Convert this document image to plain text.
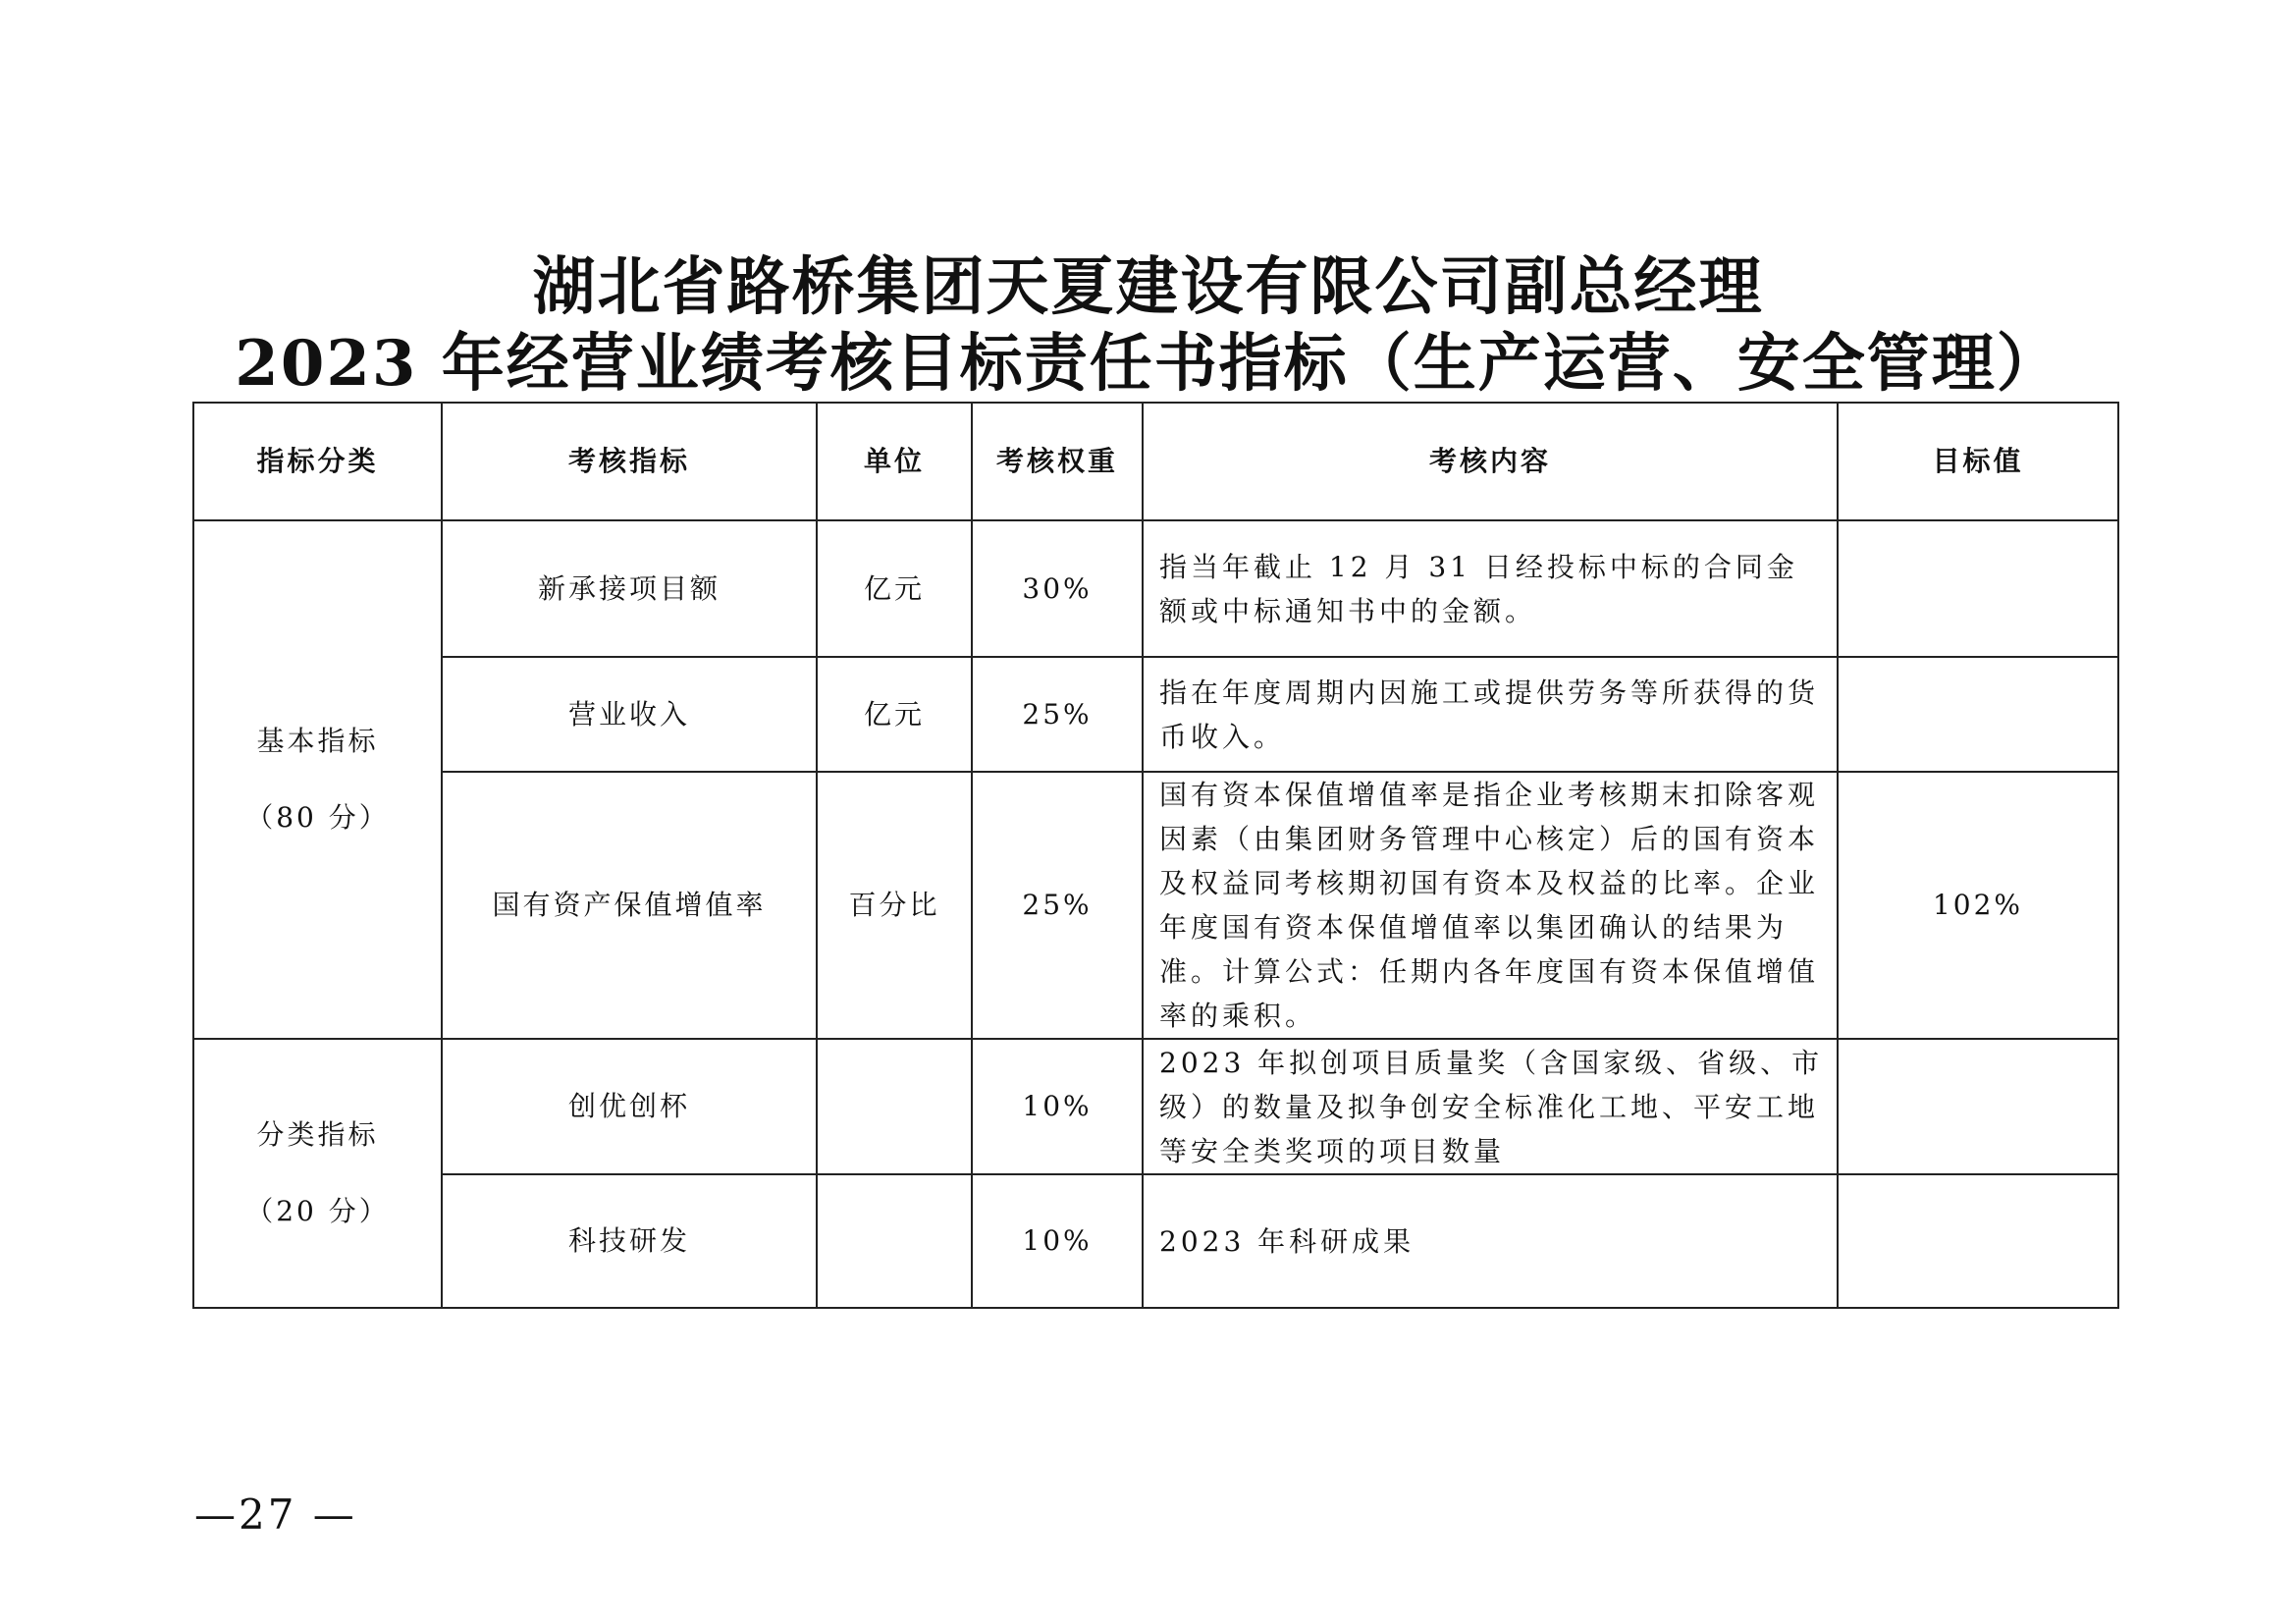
湖北省路桥集团天夏建设有限公司副总经理
2023 年经营业绩考核目标责任书指标（生产运营、安全管理）
指标分类	考核指标	单位	考核权重	考核内容	目标值

基本指标
（80 分）	新承接项目额	亿元	30%	指当年截止 12 月 31 日经投标中标的合同金额或中标通知书中的金额。	
	营业收入	亿元	25%	指在年度周期内因施工或提供劳务等所获得的货币收入。	
	国有资产保值增值率	百分比	25%	国有资本保值增值率是指企业考核期末扣除客观因素（由集团财务管理中心核定）后的国有资本及权益同考核期初国有资本及权益的比率。企业年度国有资本保值增值率以集团确认的结果为准。计算公式：任期内各年度国有资本保值增值率的乘积。	102%

分类指标
（20 分）	创优创杯		10%	2023 年拟创项目质量奖（含国家级、省级、市级）的数量及拟争创安全标准化工地、平安工地等安全类奖项的项目数量	
	科技研发		10%	2023 年科研成果	
—27 —
